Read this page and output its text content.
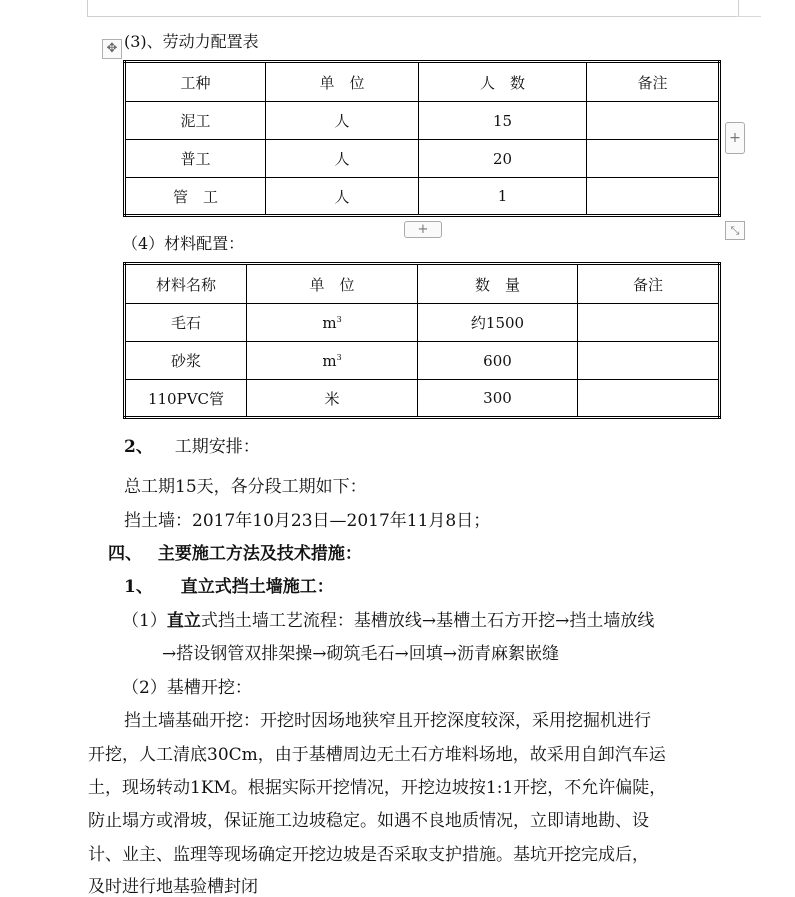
✥ (3)、劳动力配置表
工种	单　位	人　数	备注
泥工	人	15	
普工	人	20	
管　工	人	1	
+
+	⤡
（4）材料配置：
材料名称	单　位	数　量	备注
毛石	$m^3$	约1500	
砂浆	$m^3$	600	
110PVC管	米	300	
2、 工期安排：
总工期15天，各分段工期如下：
挡土墙：2017年10月23日—2017年11月8日；
四、 主要施工方法及技术措施：
1、 直立式挡土墙施工：
（1）直立式挡土墙工艺流程：基槽放线→基槽土石方开挖→挡土墙放线
→搭设钢管双排架操→砌筑毛石→回填→沥青麻絮嵌缝
（2）基槽开挖：
挡土墙基础开挖：开挖时因场地狭窄且开挖深度较深，采用挖掘机进行
开挖，人工清底30Cm，由于基槽周边无土石方堆料场地，故采用自卸汽车运
土，现场转动1KM。根据实际开挖情况，开挖边坡按1:1开挖，不允许偏陡，
防止塌方或滑坡，保证施工边坡稳定。如遇不良地质情况，立即请地勘、设
计、业主、监理等现场确定开挖边坡是否采取支护措施。基坑开挖完成后，
及时进行地基验槽封闭
